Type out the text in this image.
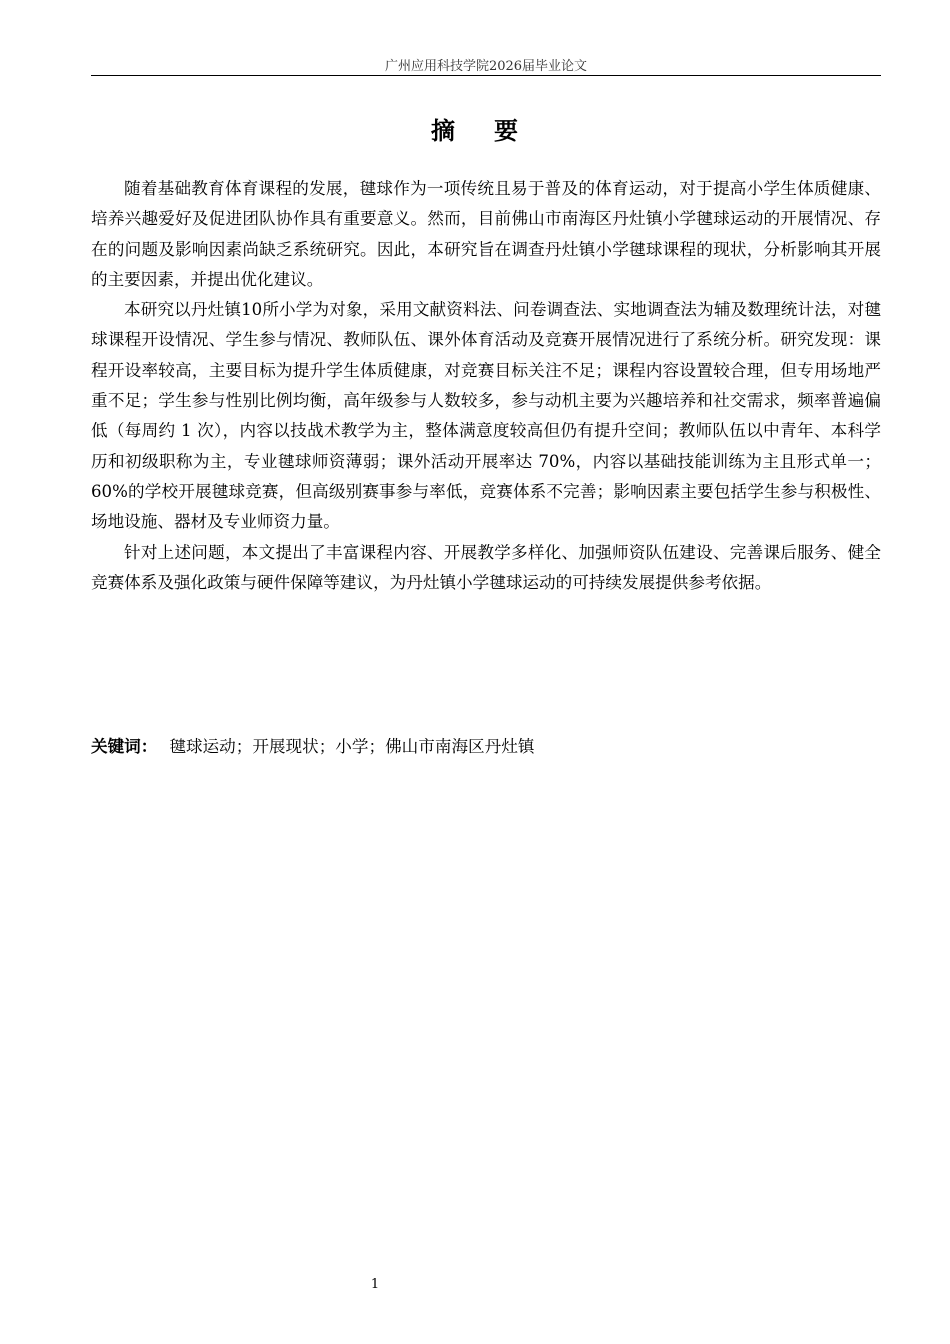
广州应用科技学院2026届毕业论文
摘 要

随着基础教育体育课程的发展，毽球作为一项传统且易于普及的体育运动，对于提高小学生体质健康、培养兴趣爱好及促进团队协作具有重要意义。然而，目前佛山市南海区丹灶镇小学毽球运动的开展情况、存在的问题及影响因素尚缺乏系统研究。因此，本研究旨在调查丹灶镇小学毽球课程的现状，分析影响其开展的主要因素，并提出优化建议。

本研究以丹灶镇10所小学为对象，采用文献资料法、问卷调查法、实地调查法为辅及数理统计法，对毽球课程开设情况、学生参与情况、教师队伍、课外体育活动及竞赛开展情况进行了系统分析。研究发现：课程开设率较高，主要目标为提升学生体质健康，对竞赛目标关注不足；课程内容设置较合理，但专用场地严重不足；学生参与性别比例均衡，高年级参与人数较多，参与动机主要为兴趣培养和社交需求，频率普遍偏低（每周约 1 次），内容以技战术教学为主，整体满意度较高但仍有提升空间；教师队伍以中青年、本科学历和初级职称为主，专业毽球师资薄弱；课外活动开展率达 70%，内容以基础技能训练为主且形式单一；60%的学校开展毽球竞赛，但高级别赛事参与率低，竞赛体系不完善；影响因素主要包括学生参与积极性、场地设施、器材及专业师资力量。

针对上述问题，本文提出了丰富课程内容、开展教学多样化、加强师资队伍建设、完善课后服务、健全竞赛体系及强化政策与硬件保障等建议，为丹灶镇小学毽球运动的可持续发展提供参考依据。

关键词： 毽球运动；开展现状；小学；佛山市南海区丹灶镇
1
